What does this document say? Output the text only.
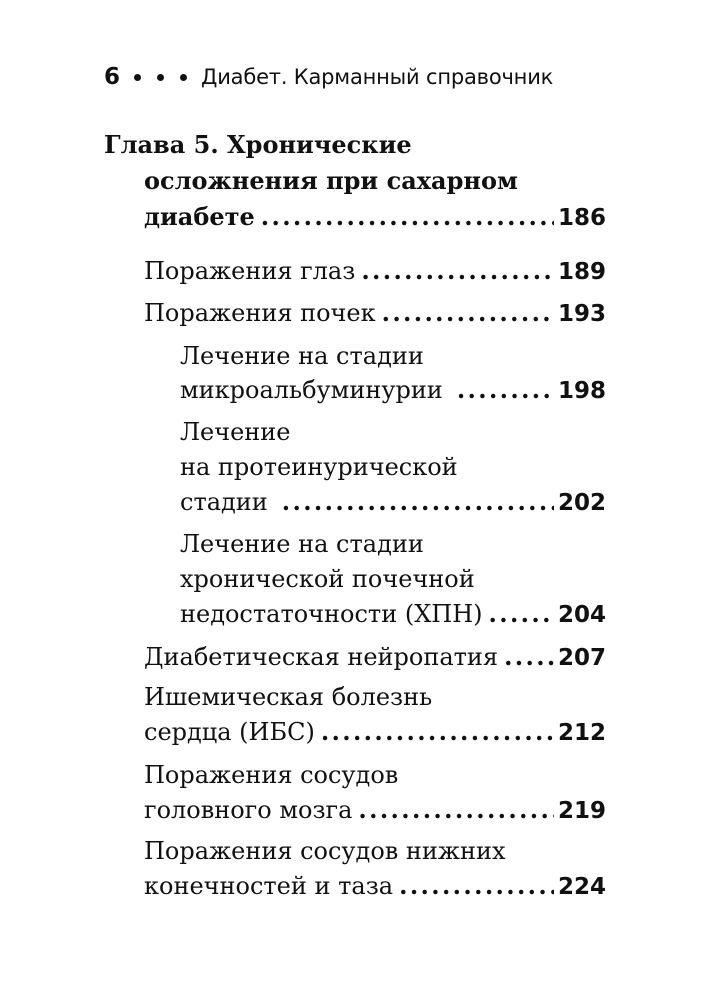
6	Диабет. Карманный справочник
Глава 5. Хронические
осложнения при сахарном
диабете . . .	186
Поражения глаз . . .	189
Поражения почек . . .	193
Лечение на стадии
микроальбуминурии . . .	198
Лечение
на протеинурической
стадии . . .	202
Лечение на стадии
хронической почечной
недостаточности (ХПН) . . .	204
Диабетическая нейропатия . . .	207
Ишемическая болезнь
сердца (ИБС) . . .	212
Поражения сосудов
головного мозга . . .	219
Поражения сосудов нижних
конечностей и таза . . .	224
